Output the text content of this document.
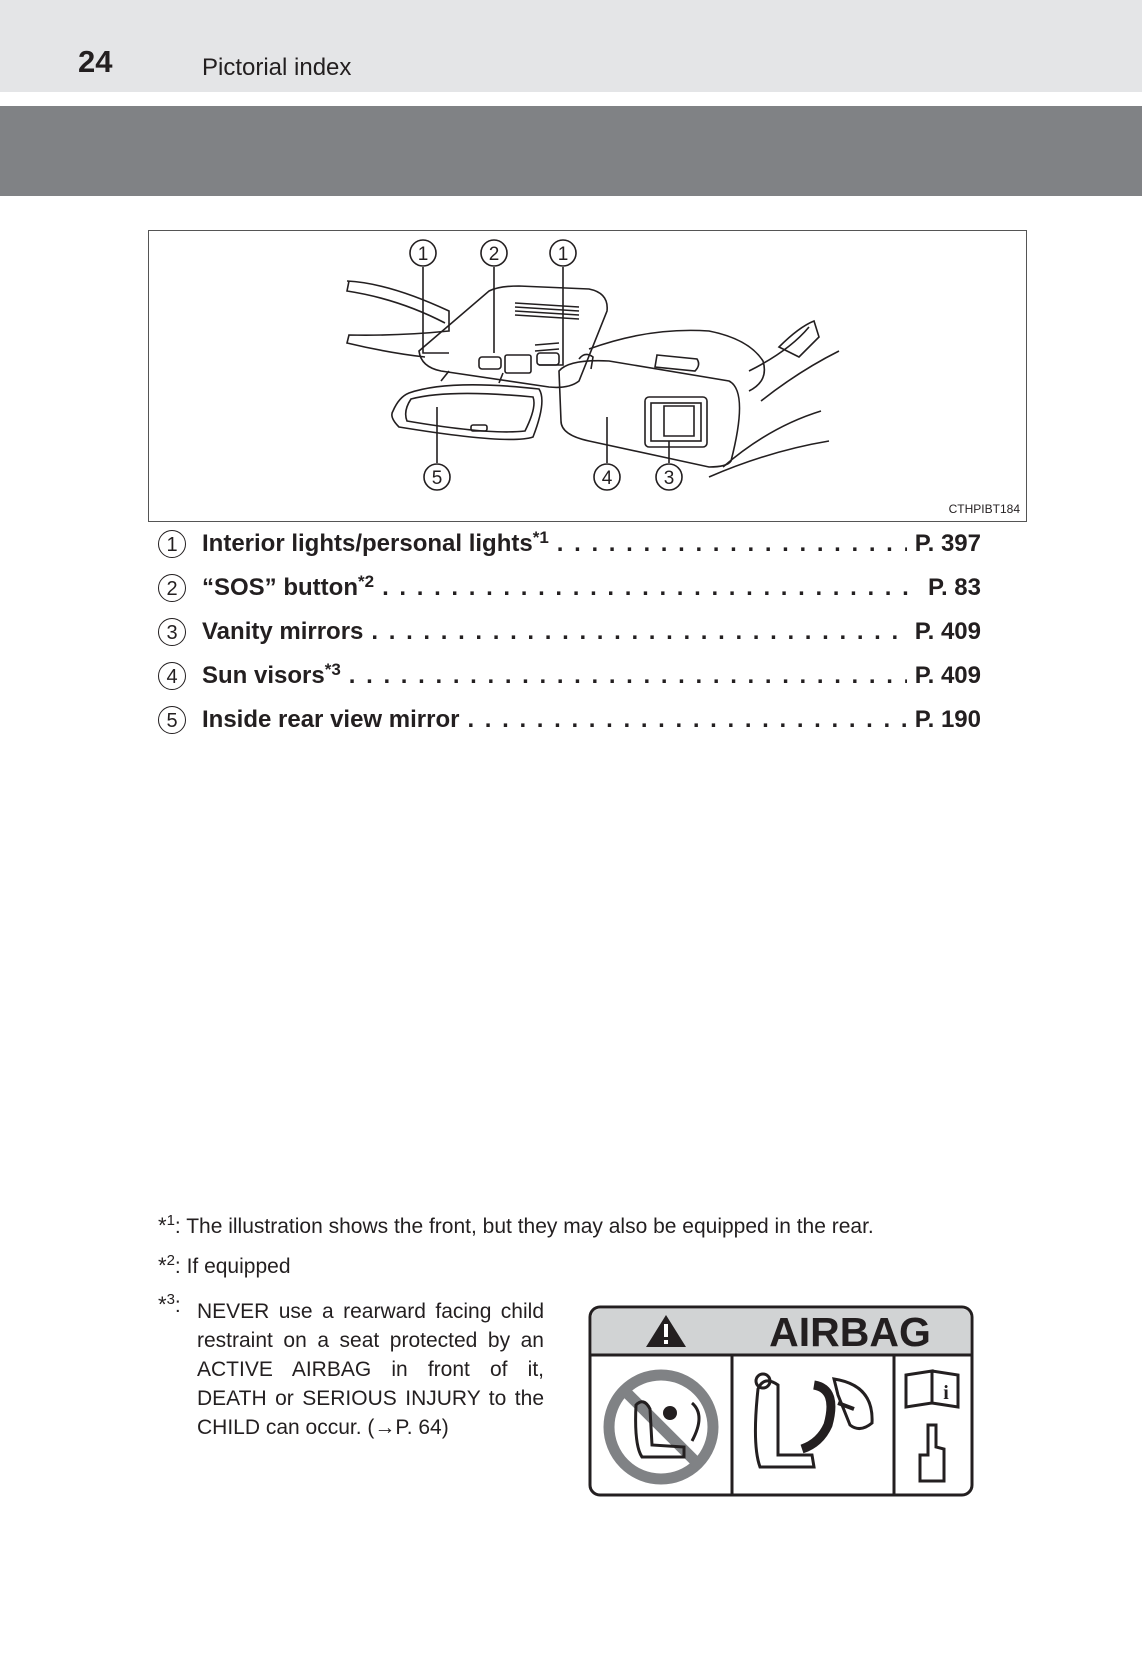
24	Pictorial index
1	2	1
5	4	3
CTHPIBT184
1	Interior lights/personal lights$^{*1}$ . . .	P. 397
2	“SOS” button$^{*2}$ . . .	P. 83
3	Vanity mirrors . . .	P. 409
4	Sun visors$^{*3}$ . . .	P. 409
5	Inside rear view mirror . . .	P. 190
*$^1$: The illustration shows the front, but they may also be equipped in the rear.
*$^2$: If equipped
*$^3$: NEVER use a rearward facing child restraint on a seat protected by an ACTIVE AIRBAG in front of it, DEATH or SERIOUS INJURY to the CHILD can occur. (→P. 64)
i
AIRBAG
